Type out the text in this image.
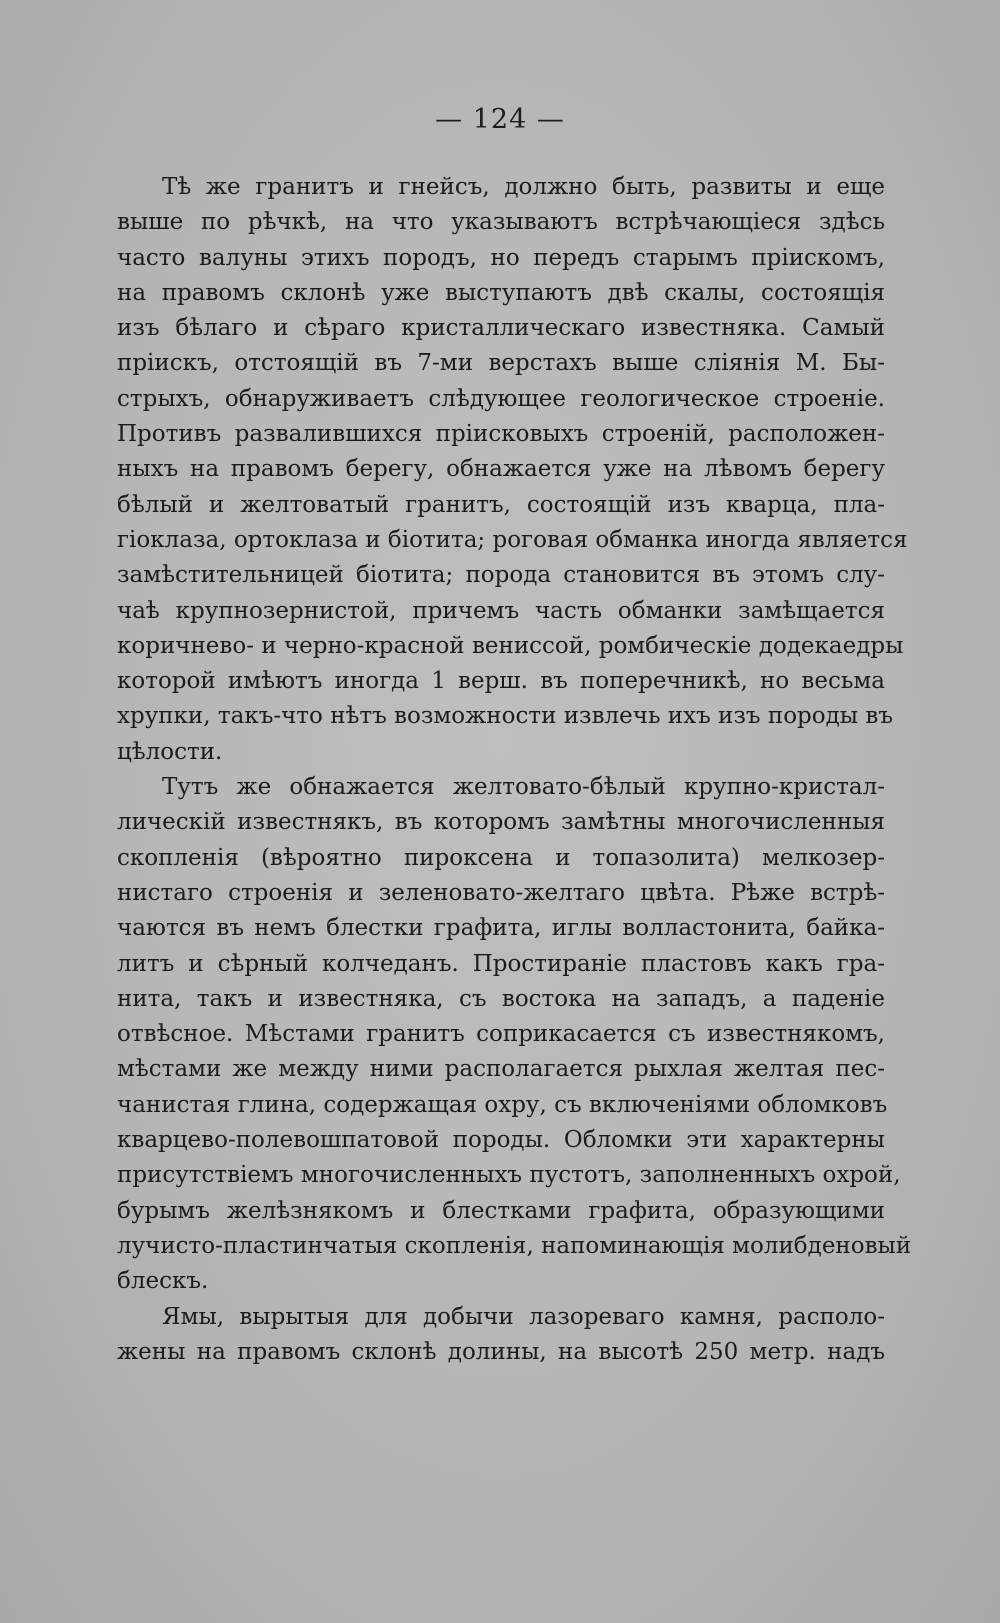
— 124 —
Тѣ же гранитъ и гнейсъ, должно быть, развиты и еще
выше по рѣчкѣ, на что указываютъ встрѣчающіеся здѣсь
часто валуны этихъ породъ, но передъ старымъ пріискомъ,
на правомъ склонѣ уже выступаютъ двѣ скалы, состоящія
изъ бѣлаго и сѣраго кристаллическаго известняка. Самый
пріискъ, отстоящій въ 7-ми верстахъ выше слiянія М. Бы-
стрыхъ, обнаруживаетъ слѣдующее геологическое строеніе.
Противъ развалившихся пріисковыхъ строеній, расположен-
ныхъ на правомъ берегу, обнажается уже на лѣвомъ берегу
бѣлый и желтоватый гранитъ, состоящій изъ кварца, пла-
гіоклаза, ортоклаза и біотита; роговая обманка иногда является
замѣстительницей біотита; порода становится въ этомъ слу-
чаѣ крупнозернистой, причемъ часть обманки замѣщается
коричнево- и черно-красной венисcой, ромбическіе додекаедры
которой имѣютъ иногда 1 верш. въ поперечникѣ, но весьма
хрупки, такъ-что нѣтъ возможности извлечь ихъ изъ породы въ
цѣлости.
Тутъ же обнажается желтовато-бѣлый крупно-кристал-
лическій известнякъ, въ которомъ замѣтны многочисленныя
скопленія (вѣроятно пироксена и топазолита) мелкозер-
нистаго строенія и зеленовато-желтаго цвѣта. Рѣже встрѣ-
чаются въ немъ блестки графита, иглы волластонита, байка-
литъ и сѣрный колчеданъ. Простираніе пластовъ какъ гра-
нита, такъ и известняка, съ востока на западъ, а паденіе
отвѣсное. Мѣстами гранитъ соприкасается съ известнякомъ,
мѣстами же между ними располагается рыхлая желтая пес-
чанистая глина, содержащая охру, съ включеніями обломковъ
кварцево-полевошпатовой породы. Обломки эти характерны
присутствіемъ многочисленныхъ пустотъ, заполненныхъ охрой,
бурымъ желѣзнякомъ и блестками графита, образующими
лучисто-пластинчатыя скопленія, напоминающія молибденовый
блескъ.
Ямы, вырытыя для добычи лазореваго камня, располо-
жены на правомъ склонѣ долины, на высотѣ 250 метр. надъ
